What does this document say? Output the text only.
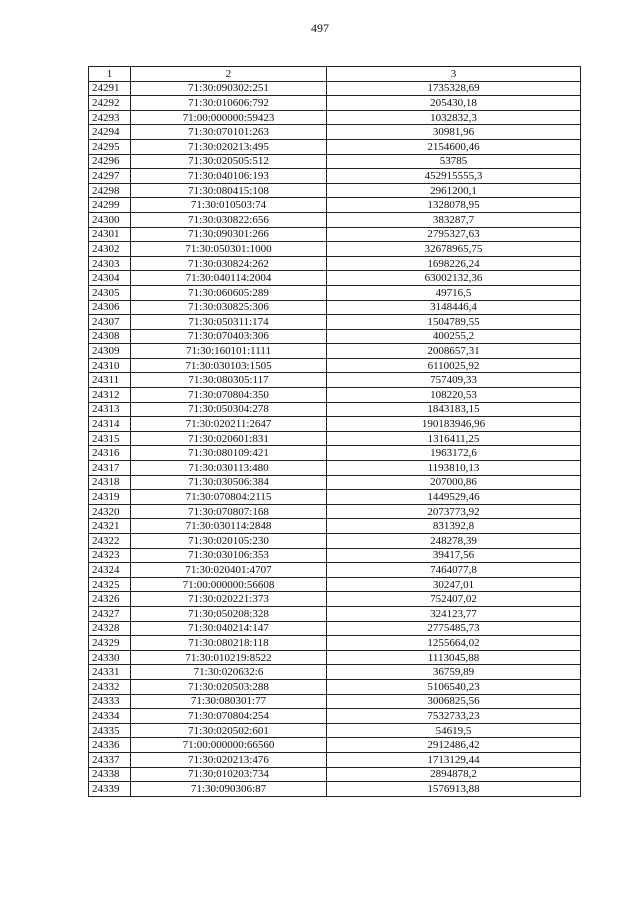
497
1	2	3
24291	71:30:090302:251	1735328,69
24292	71:30:010606:792	205430,18
24293	71:00:000000:59423	1032832,3
24294	71:30:070101:263	30981,96
24295	71:30:020213:495	2154600,46
24296	71:30:020505:512	53785
24297	71:30:040106:193	452915555,3
24298	71:30:080415:108	2961200,1
24299	71:30:010503:74	1328078,95
24300	71:30:030822:656	383287,7
24301	71:30:090301:266	2795327,63
24302	71:30:050301:1000	32678965,75
24303	71:30:030824:262	1698226,24
24304	71:30:040114:2004	63002132,36
24305	71:30:060605:289	49716,5
24306	71:30:030825:306	3148446,4
24307	71:30:050311:174	1504789,55
24308	71:30:070403:306	400255,2
24309	71:30:160101:1111	2008657,31
24310	71:30:030103:1505	6110025,92
24311	71:30:080305:117	757409,33
24312	71:30:070804:350	108220,53
24313	71:30:050304:278	1843183,15
24314	71:30:020211:2647	190183946,96
24315	71:30:020601:831	1316411,25
24316	71:30:080109:421	1963172,6
24317	71:30:030113:480	1193810,13
24318	71:30:030506:384	207000,86
24319	71:30:070804:2115	1449529,46
24320	71:30:070807:168	2073773,92
24321	71:30:030114:2848	831392,8
24322	71:30:020105:230	248278,39
24323	71:30:030106:353	39417,56
24324	71:30:020401:4707	7464077,8
24325	71:00:000000:56608	30247,01
24326	71:30:020221:373	752407,02
24327	71:30:050208:328	324123,77
24328	71:30:040214:147	2775485,73
24329	71:30:080218:118	1255664,02
24330	71:30:010219:8522	1113045,88
24331	71:30:020632:6	36759,89
24332	71:30:020503:288	5106540,23
24333	71:30:080301:77	3006825,56
24334	71:30:070804:254	7532733,23
24335	71:30:020502:601	54619,5
24336	71:00:000000:66560	2912486,42
24337	71:30:020213:476	1713129,44
24338	71:30:010203:734	2894878,2
24339	71:30:090306:87	1576913,88
